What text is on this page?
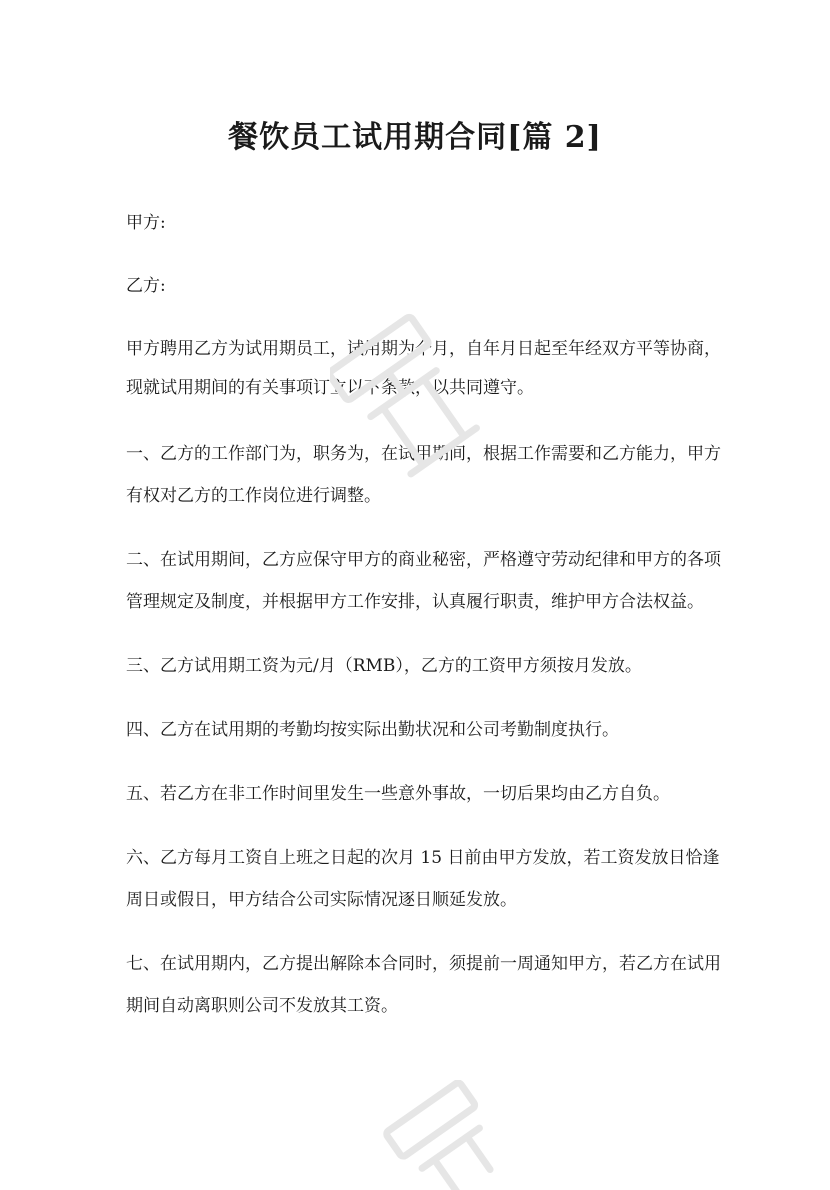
餐饮员工试用期合同[篇 2]
甲方:
乙方:
甲方聘用乙方为试用期员工，试用期为个月，自年月日起至年经双方平等协商，
现就试用期间的有关事项订立以下条款，以共同遵守。
一、乙方的工作部门为，职务为，在试用期间，根据工作需要和乙方能力，甲方
有权对乙方的工作岗位进行调整。
二、在试用期间，乙方应保守甲方的商业秘密，严格遵守劳动纪律和甲方的各项
管理规定及制度，并根据甲方工作安排，认真履行职责，维护甲方合法权益。
三、乙方试用期工资为元/月（RMB），乙方的工资甲方须按月发放。
四、乙方在试用期的考勤均按实际出勤状况和公司考勤制度执行。
五、若乙方在非工作时间里发生一些意外事故，一切后果均由乙方自负。
六、乙方每月工资自上班之日起的次月 15 日前由甲方发放，若工资发放日恰逢
周日或假日，甲方结合公司实际情况逐日顺延发放。
七、在试用期内，乙方提出解除本合同时，须提前一周通知甲方，若乙方在试用
期间自动离职则公司不发放其工资。
